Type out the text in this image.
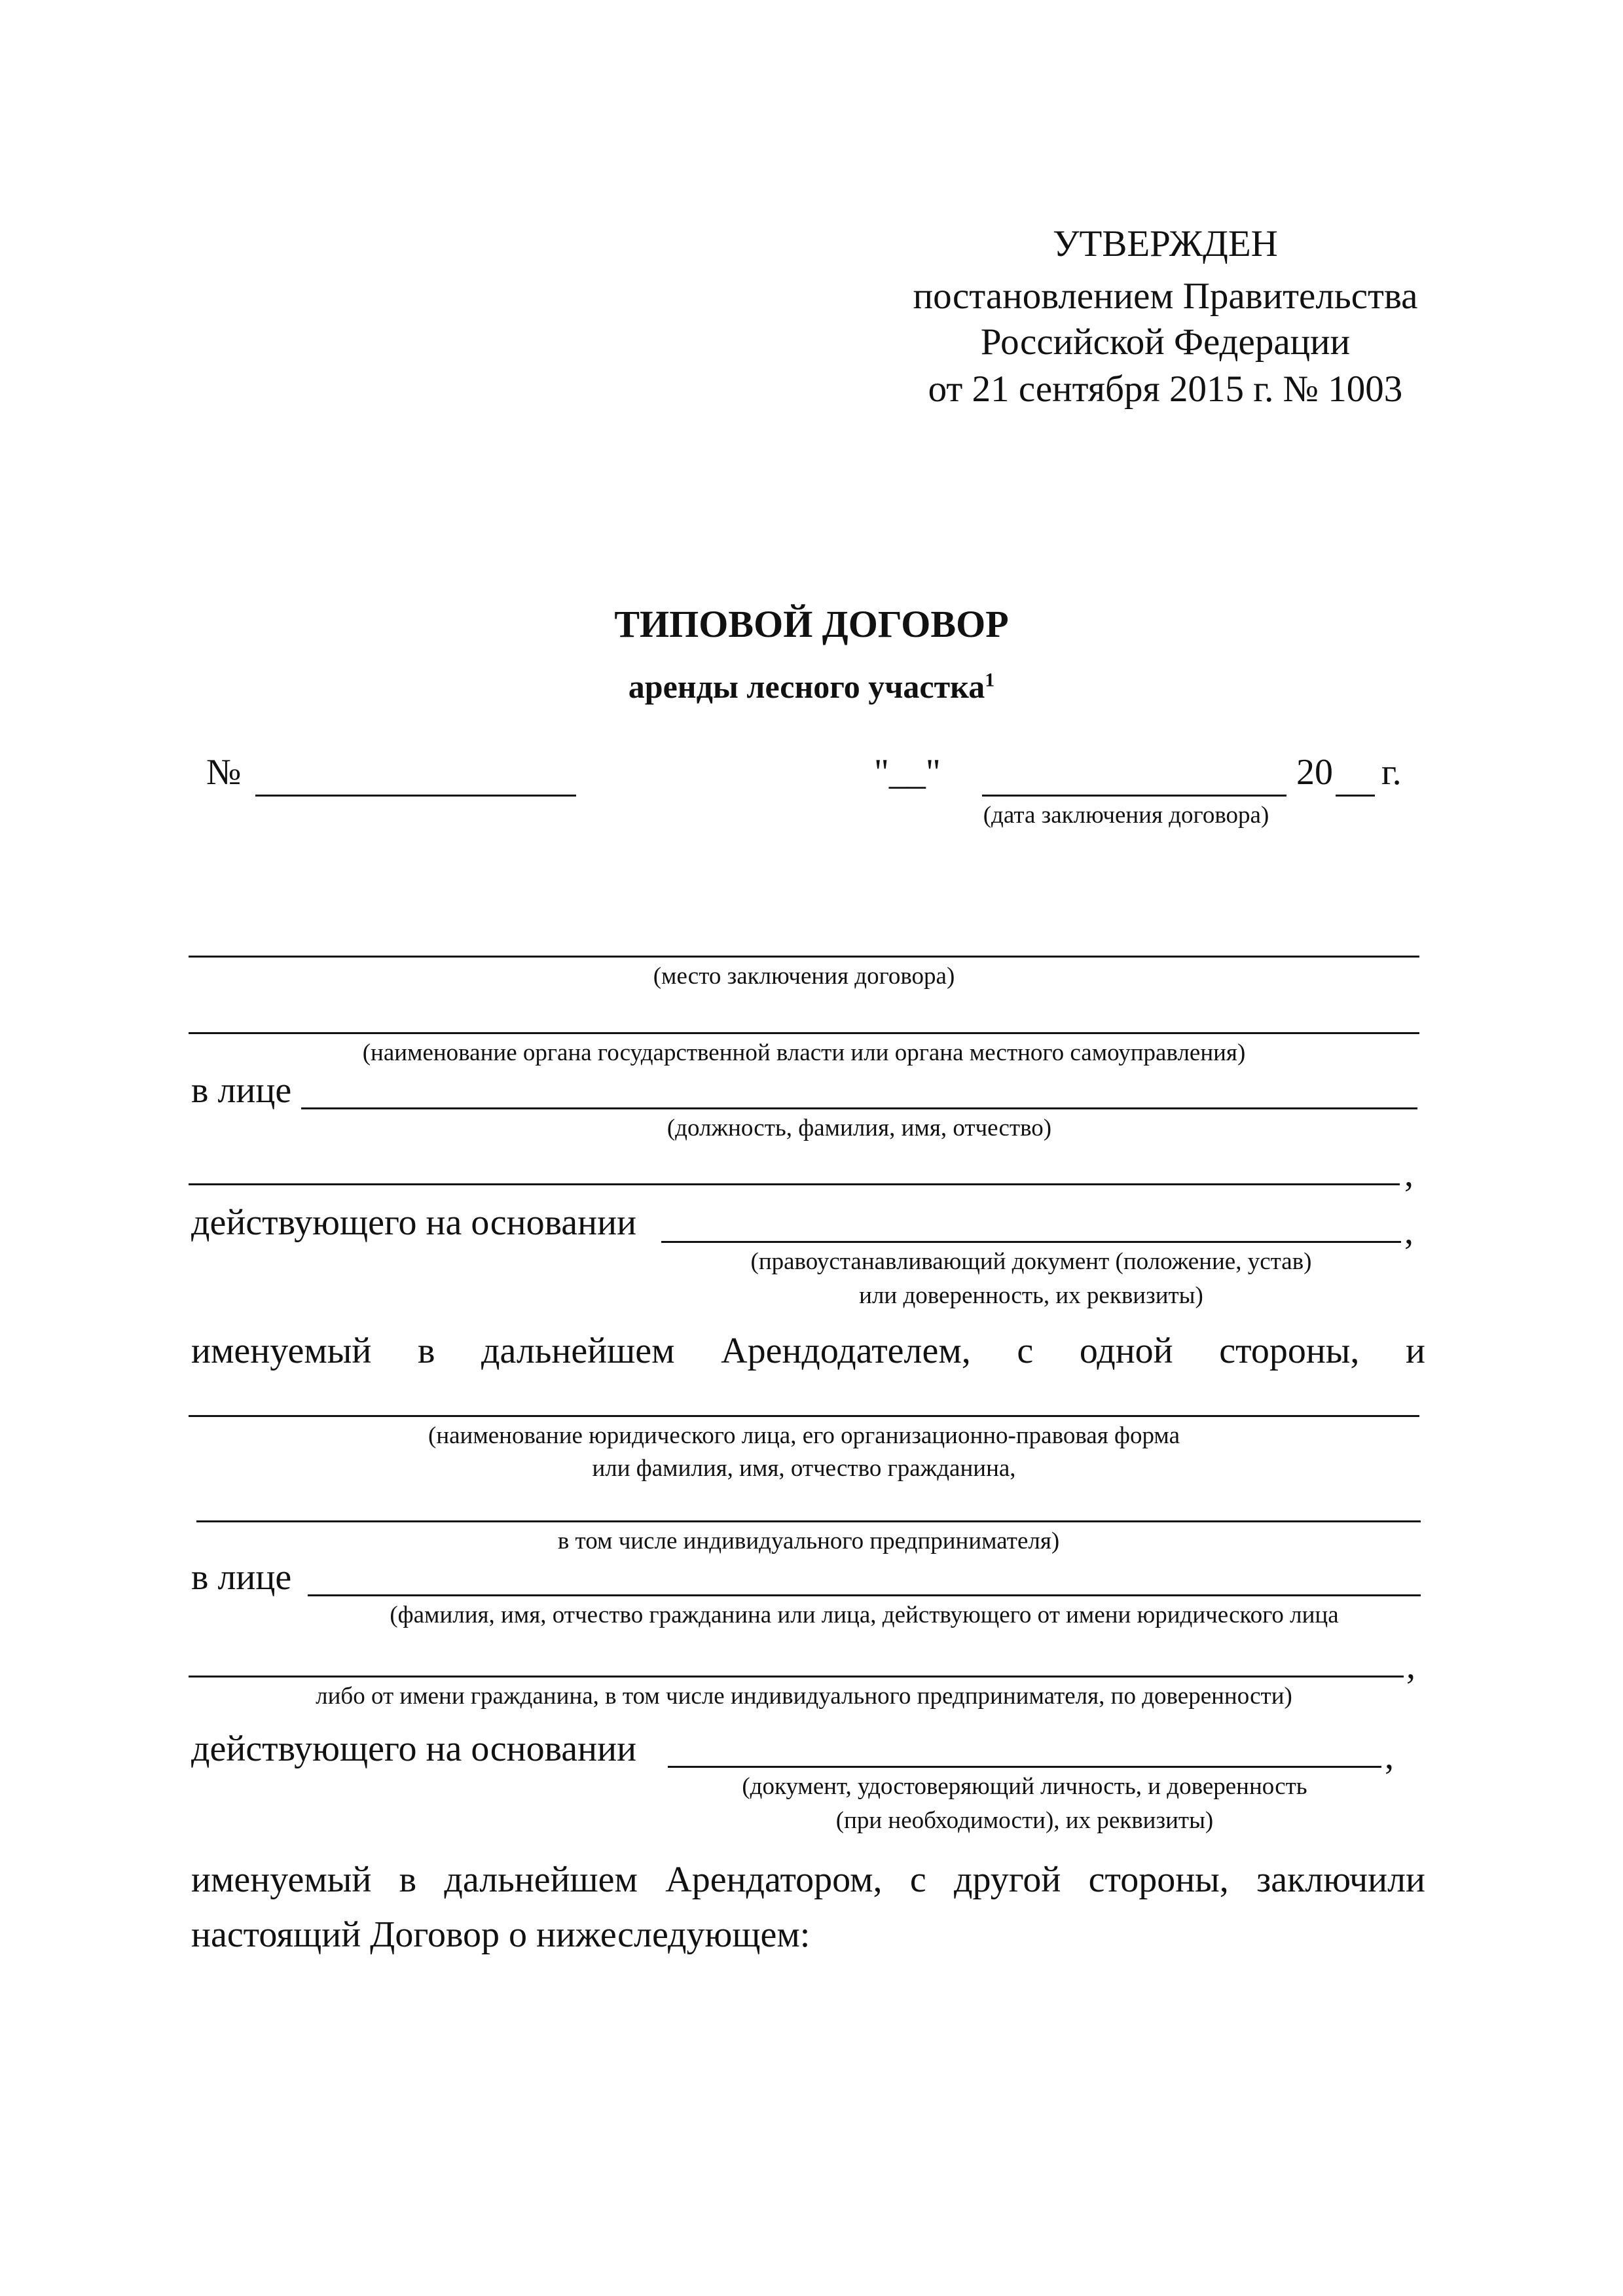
УТВЕРЖДЕН
постановлением Правительства
Российской Федерации
от 21 сентября 2015 г. № 1003
ТИПОВОЙ ДОГОВОР
аренды лесного участка$^1$
№	"__"	20 г.
(дата заключения договора)
(место заключения договора)
(наименование органа государственной власти или органа местного самоуправления)
в лице
(должность, фамилия, имя, отчество)
,
действующего на основании	,
(правоустанавливающий документ (положение, устав)
или доверенность, их реквизиты)
именуемый в дальнейшем Арендодателем, с одной стороны, и
(наименование юридического лица, его организационно-правовая форма
или фамилия, имя, отчество гражданина,
в том числе индивидуального предпринимателя)
в лице
(фамилия, имя, отчество гражданина или лица, действующего от имени юридического лица
,
либо от имени гражданина, в том числе индивидуального предпринимателя, по доверенности)
действующего на основании	,
(документ, удостоверяющий личность, и доверенность
(при необходимости), их реквизиты)
именуемый в дальнейшем Арендатором, с другой стороны, заключили
настоящий Договор о нижеследующем:
